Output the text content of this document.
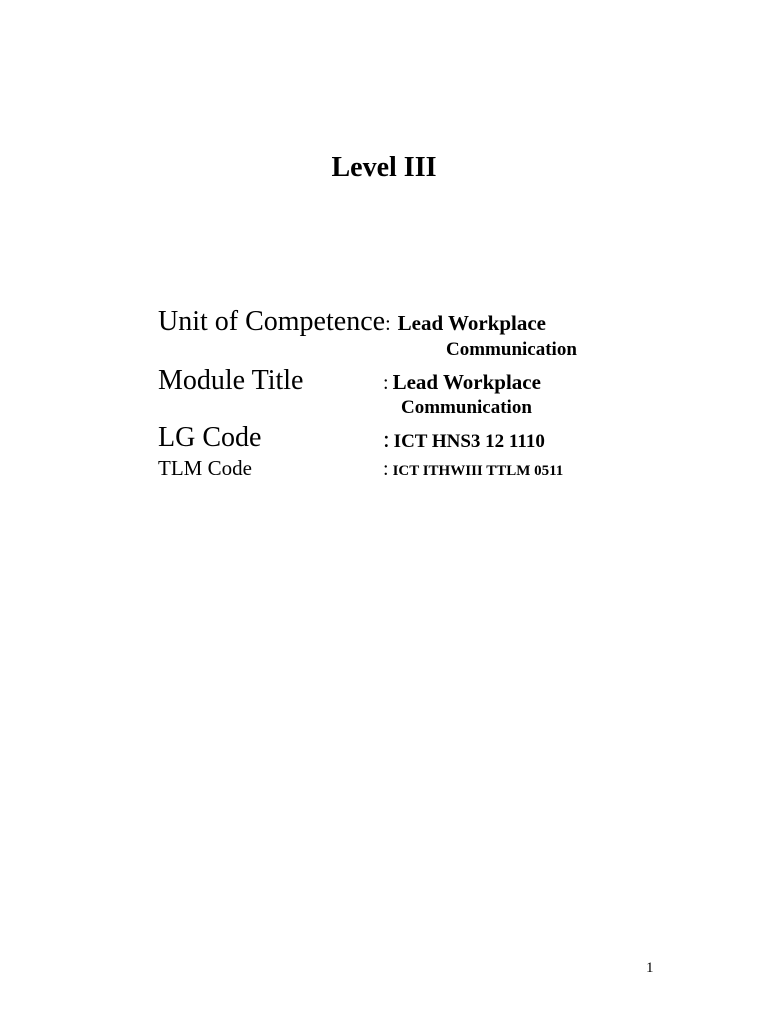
Level III
Unit of Competence: Lead Workplace
Communication
Module Title	: Lead Workplace
Communication
LG Code	: ICT HNS3 12 1110
TLM Code	: ICT ITHWIII TTLM 0511
1
